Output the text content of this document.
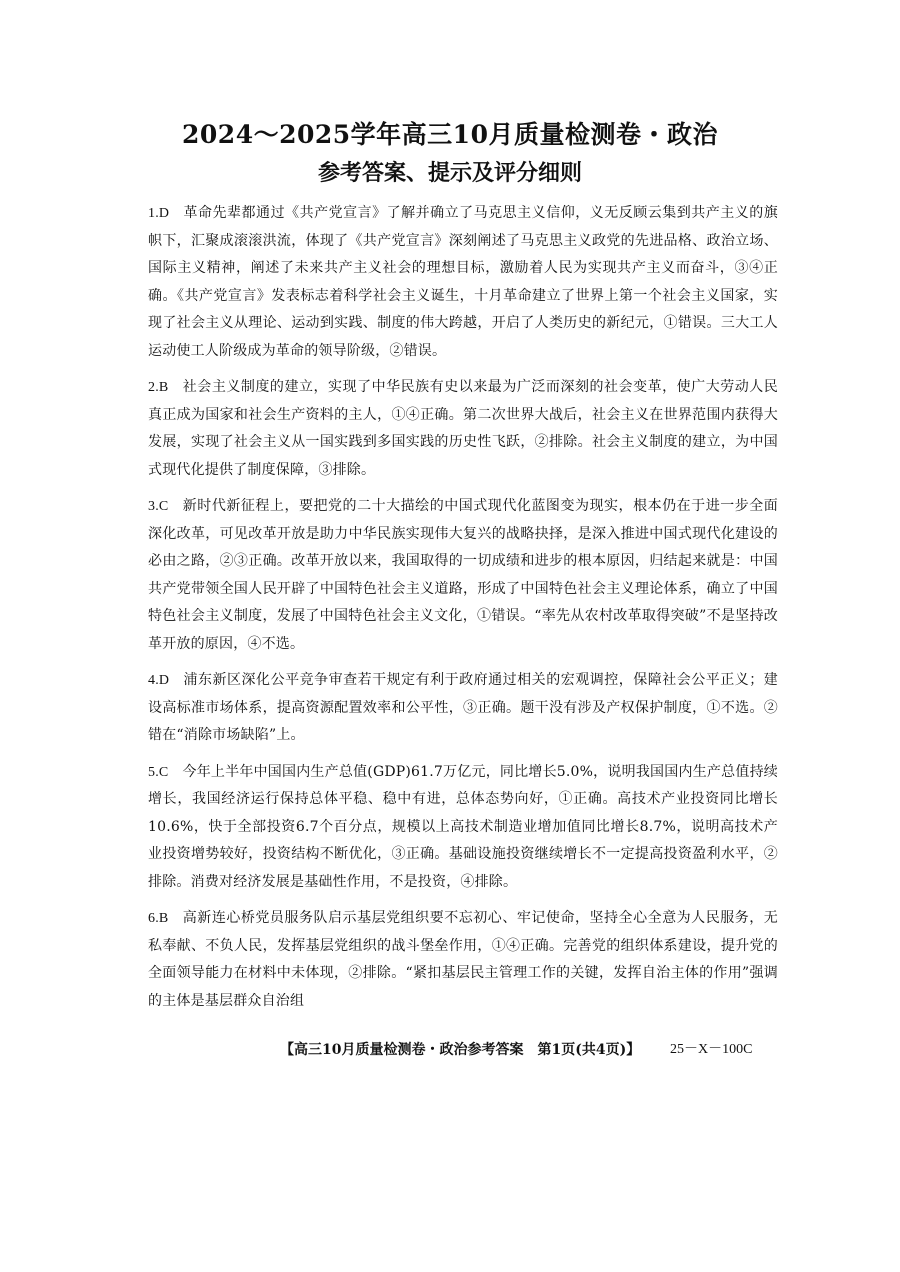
2024～2025学年高三10月质量检测卷・政治
参考答案、提示及评分细则
1.D 革命先辈都通过《共产党宣言》了解并确立了马克思主义信仰，义无反顾云集到共产主义的旗帜下，汇聚成滚滚洪流，体现了《共产党宣言》深刻阐述了马克思主义政党的先进品格、政治立场、国际主义精神，阐述了未来共产主义社会的理想目标，激励着人民为实现共产主义而奋斗，③④正确。《共产党宣言》发表标志着科学社会主义诞生，十月革命建立了世界上第一个社会主义国家，实现了社会主义从理论、运动到实践、制度的伟大跨越，开启了人类历史的新纪元，①错误。三大工人运动使工人阶级成为革命的领导阶级，②错误。
2.B 社会主义制度的建立，实现了中华民族有史以来最为广泛而深刻的社会变革，使广大劳动人民真正成为国家和社会生产资料的主人，①④正确。第二次世界大战后，社会主义在世界范围内获得大发展，实现了社会主义从一国实践到多国实践的历史性飞跃，②排除。社会主义制度的建立，为中国式现代化提供了制度保障，③排除。
3.C 新时代新征程上，要把党的二十大描绘的中国式现代化蓝图变为现实，根本仍在于进一步全面深化改革，可见改革开放是助力中华民族实现伟大复兴的战略抉择，是深入推进中国式现代化建设的必由之路，②③正确。改革开放以来，我国取得的一切成绩和进步的根本原因，归结起来就是：中国共产党带领全国人民开辟了中国特色社会主义道路，形成了中国特色社会主义理论体系，确立了中国特色社会主义制度，发展了中国特色社会主义文化，①错误。“率先从农村改革取得突破”不是坚持改革开放的原因，④不选。
4.D 浦东新区深化公平竞争审查若干规定有利于政府通过相关的宏观调控，保障社会公平正义；建设高标准市场体系，提高资源配置效率和公平性，③正确。题干没有涉及产权保护制度，①不选。②错在“消除市场缺陷”上。
5.C 今年上半年中国国内生产总值(GDP)61.7万亿元，同比增长5.0%，说明我国国内生产总值持续增长，我国经济运行保持总体平稳、稳中有进，总体态势向好，①正确。高技术产业投资同比增长10.6%，快于全部投资6.7个百分点，规模以上高技术制造业增加值同比增长8.7%，说明高技术产业投资增势较好，投资结构不断优化，③正确。基础设施投资继续增长不一定提高投资盈利水平，②排除。消费对经济发展是基础性作用，不是投资，④排除。
6.B 高新连心桥党员服务队启示基层党组织要不忘初心、牢记使命，坚持全心全意为人民服务，无私奉献、不负人民，发挥基层党组织的战斗堡垒作用，①④正确。完善党的组织体系建设，提升党的全面领导能力在材料中未体现，②排除。“紧扣基层民主管理工作的关键，发挥自治主体的作用”强调的主体是基层群众自治组
【高三10月质量检测卷・政治参考答案　第1页(共4页)】 25－X－100C
